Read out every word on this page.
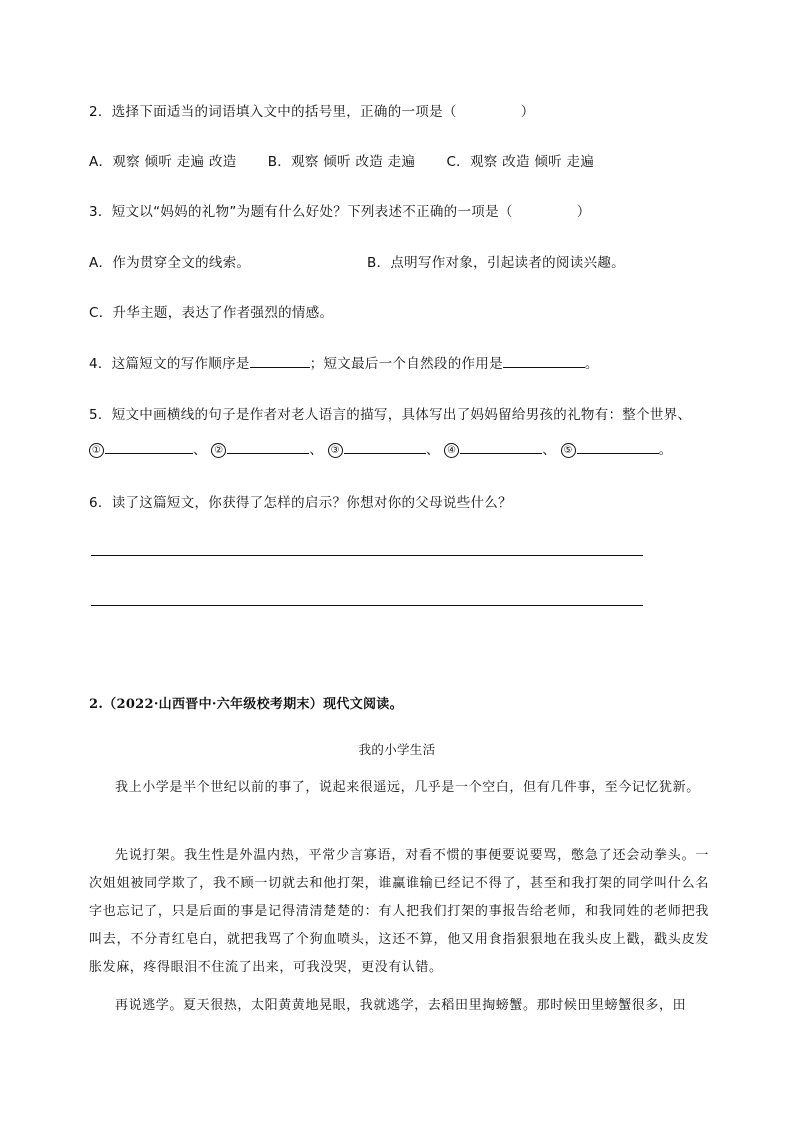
2．选择下面适当的词语填入文中的括号里，正确的一项是（	）
A．观察 倾听 走遍 改造 B．观察 倾听 改造 走遍 C．观察 改造 倾听 走遍
3．短文以“妈妈的礼物”为题有什么好处？下列表述不正确的一项是（	）
A．作为贯穿全文的线索。	B．点明写作对象，引起读者的阅读兴趣。
C．升华主题，表达了作者强烈的情感。
4．这篇短文的写作顺序是	；短文最后一个自然段的作用是	。
5．短文中画横线的句子是作者对老人语言的描写，具体写出了妈妈留给男孩的礼物有：整个世界、
①	、 ②	、 ③	、 ④	、 ⑤	。
6．读了这篇短文，你获得了怎样的启示？你想对你的父母说些什么？
2.（2022·山西晋中·六年级校考期末）现代文阅读。
我的小学生活
我上小学是半个世纪以前的事了，说起来很遥远，几乎是一个空白，但有几件事，至今记忆犹新。
先说打架。我生性是外温内热，平常少言寡语，对看不惯的事便要说要骂，憋急了还会动拳头。一次姐姐被同学欺了，我不顾一切就去和他打架，谁赢谁输已经记不得了，甚至和我打架的同学叫什么名字也忘记了，只是后面的事是记得清清楚楚的：有人把我们打架的事报告给老师，和我同姓的老师把我叫去，不分青红皂白，就把我骂了个狗血喷头，这还不算，他又用食指狠狠地在我头皮上戳，戳头皮发胀发麻，疼得眼泪不住流了出来，可我没哭，更没有认错。
再说逃学。夏天很热，太阳黄黄地晃眼，我就逃学，去稻田里掏螃蟹。那时候田里螃蟹很多，田
